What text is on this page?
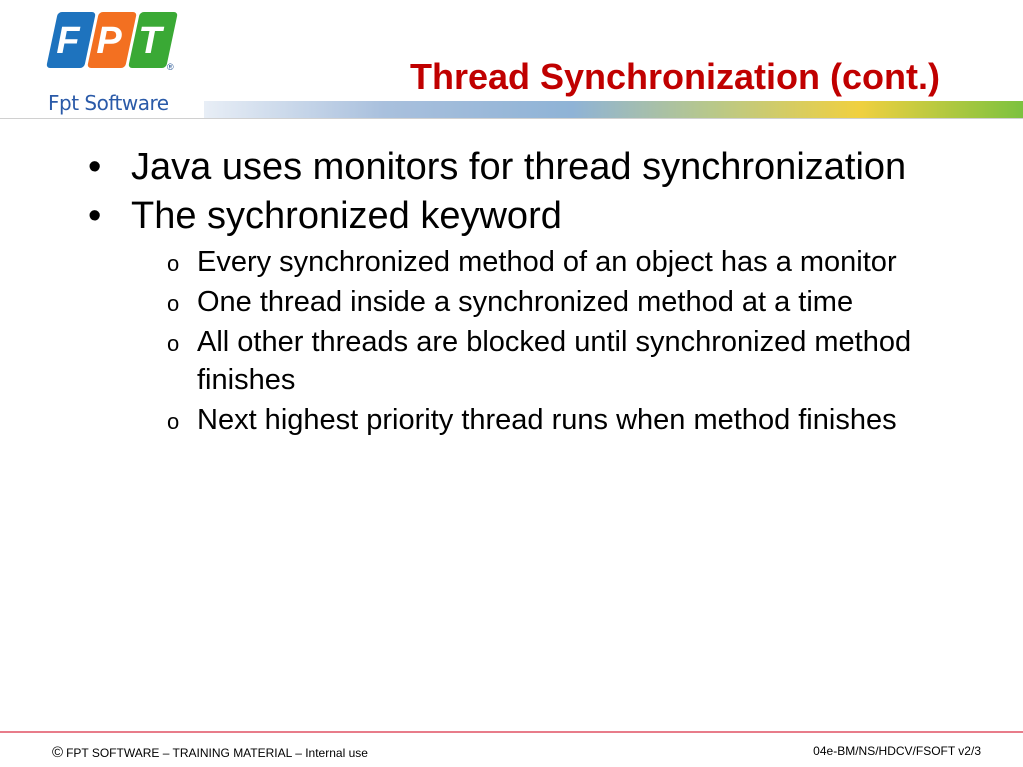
F P T
®
Fpt Software
Thread Synchronization (cont.)
• Java uses monitors for thread synchronization
• The sychronized keyword
o Every synchronized method of an object has a monitor
o One thread inside a synchronized method at a time
o All other threads are blocked until synchronized method finishes
o Next highest priority thread runs when method finishes
© FPT SOFTWARE – TRAINING MATERIAL – Internal use	04e-BM/NS/HDCV/FSOFT v2/3
